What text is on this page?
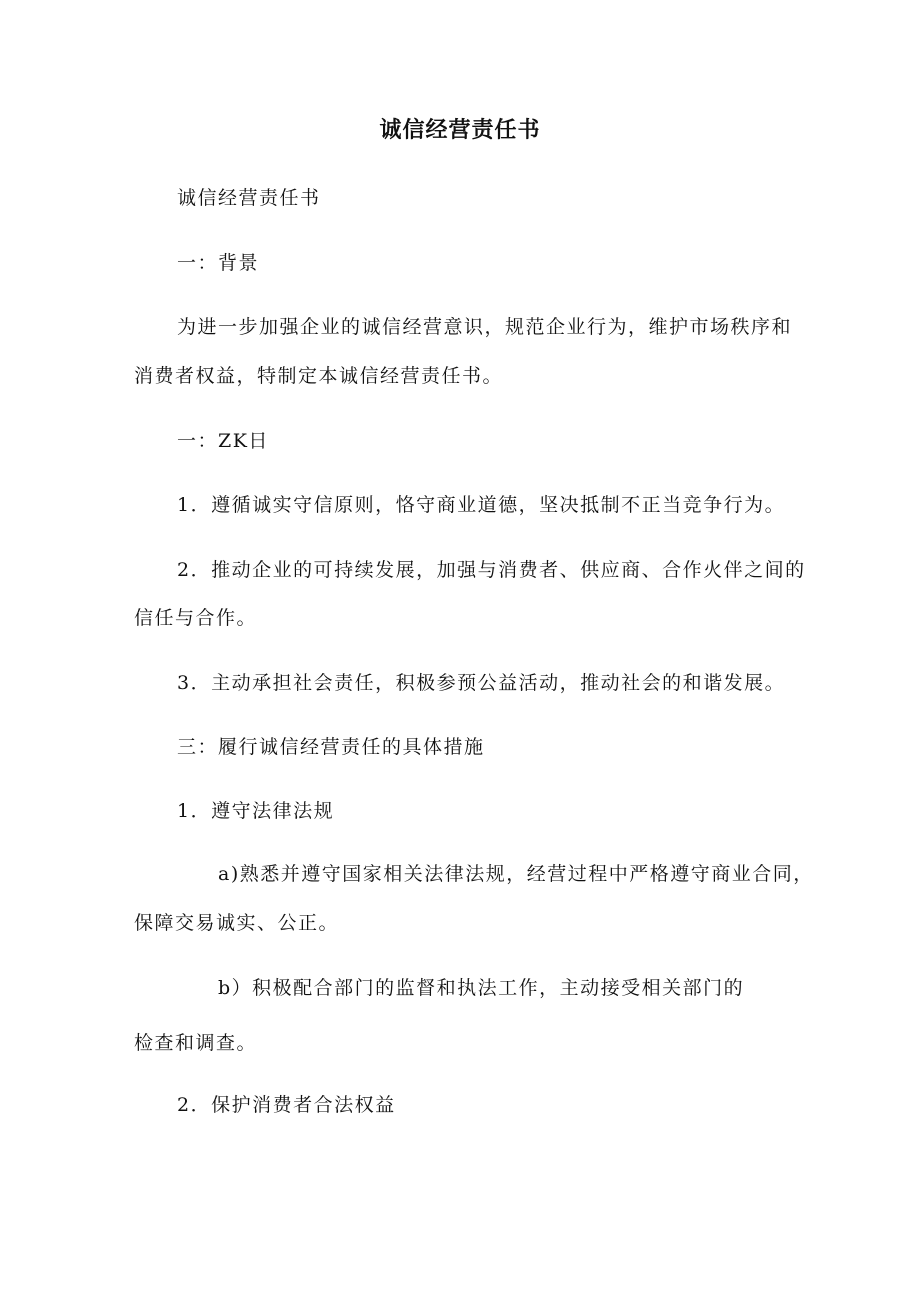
诚信经营责任书
诚信经营责任书
一：背景
为进一步加强企业的诚信经营意识，规范企业行为，维护市场秩序和
消费者权益，特制定本诚信经营责任书。
一：ZK日
1．遵循诚实守信原则，恪守商业道德，坚决抵制不正当竞争行为。
2．推动企业的可持续发展，加强与消费者、供应商、合作火伴之间的
信任与合作。
3．主动承担社会责任，积极参预公益活动，推动社会的和谐发展。
三：履行诚信经营责任的具体措施
1．遵守法律法规
a)熟悉并遵守国家相关法律法规，经营过程中严格遵守商业合同，
保障交易诚实、公正。
b）积极配合部门的监督和执法工作，主动接受相关部门的
检查和调查。
2．保护消费者合法权益
